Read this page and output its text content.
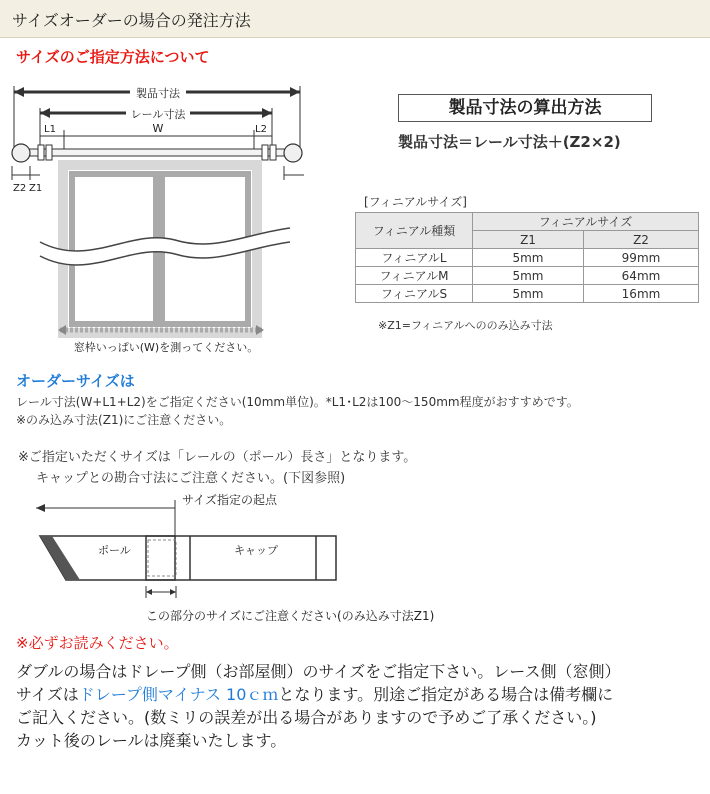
サイズオーダーの場合の発注方法
サイズのご指定方法について
製品寸法
レール寸法
L1	W	L2
Z2 Z1
窓枠いっぱい(W)を測ってください。
製品寸法の算出方法
製品寸法＝レール寸法＋(Z2×2)
[フィニアルサイズ]
フィニアル種類	フィニアルサイズ	
	Z1	Z2
フィニアルL	5mm	99mm
フィニアルM	5mm	64mm
フィニアルS	5mm	16mm
※Z1=フィニアルへののみ込み寸法
オーダーサイズは
レール寸法(W+L1+L2)をご指定ください(10mm単位)。*L1･L2は100～150mm程度がおすすめです。
※のみ込み寸法(Z1)にご注意ください。
※ご指定いただくサイズは「レールの（ポール）長さ」となります。
キャップとの勘合寸法にご注意ください。(下図参照)
サイズ指定の起点
ポール	キャップ
この部分のサイズにご注意ください(のみ込み寸法Z1)
※必ずお読みください。
ダブルの場合はドレープ側（お部屋側）のサイズをご指定下さい。レース側（窓側）
サイズはドレープ側マイナス 10ｃｍとなります。別途ご指定がある場合は備考欄に
ご記入ください。(数ミリの誤差が出る場合がありますので予めご了承ください。)
カット後のレールは廃棄いたします。
